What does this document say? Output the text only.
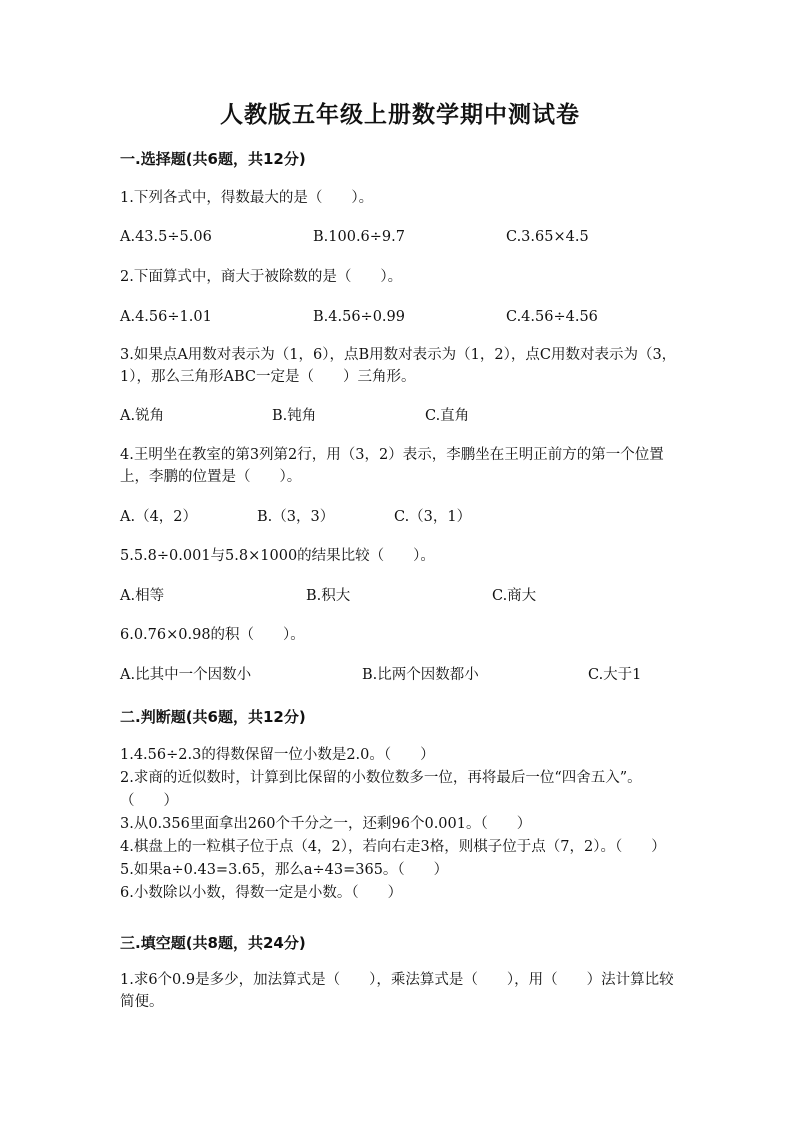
人教版五年级上册数学期中测试卷
一.选择题(共6题，共12分)
1.下列各式中，得数最大的是（　　）。
A.43.5÷5.06	B.100.6÷9.7	C.3.65×4.5
2.下面算式中，商大于被除数的是（　　）。
A.4.56÷1.01	B.4.56÷0.99	C.4.56÷4.56
3.如果点A用数对表示为（1，6），点B用数对表示为（1，2），点C用数对表示为（3，1），那么三角形ABC一定是（　　）三角形。
A.锐角	B.钝角	C.直角
4.王明坐在教室的第3列第2行，用（3，2）表示，李鹏坐在王明正前方的第一个位置上，李鹏的位置是（　　）。
A.（4，2）	B.（3，3）	C.（3，1）
5.5.8÷0.001与5.8×1000的结果比较（　　）。
A.相等	B.积大	C.商大
6.0.76×0.98的积（　　）。
A.比其中一个因数小	B.比两个因数都小	C.大于1
二.判断题(共6题，共12分)
1.4.56÷2.3的得数保留一位小数是2.0。（　　）
2.求商的近似数时，计算到比保留的小数位数多一位，再将最后一位“四舍五入”。（　　）
3.从0.356里面拿出260个千分之一，还剩96个0.001。（　　）
4.棋盘上的一粒棋子位于点（4，2），若向右走3格，则棋子位于点（7，2）。（　　）
5.如果a÷0.43=3.65，那么a÷43=365。（　　）
6.小数除以小数，得数一定是小数。（　　）
三.填空题(共8题，共24分)
1.求6个0.9是多少，加法算式是（　　），乘法算式是（　　），用（　　）法计算比较简便。
